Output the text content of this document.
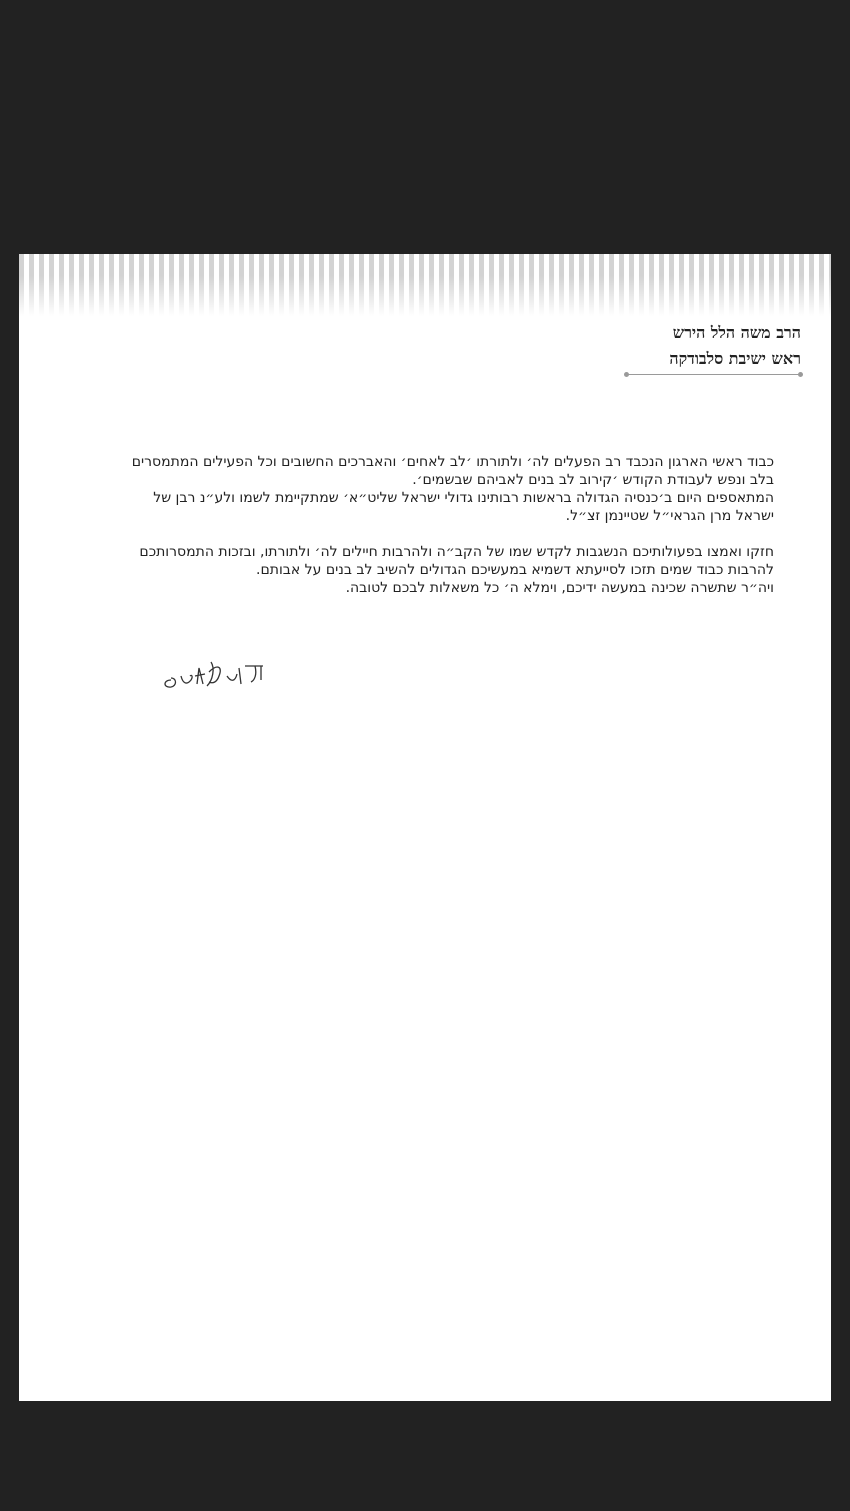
הרב משה הלל הירש
ראש ישיבת סלבודקה

כבוד ראשי הארגון הנכבד רב הפעלים לה׳ ולתורתו ׳לב לאחים׳ והאברכים החשובים וכל הפעילים המתמסרים

בלב ונפש לעבודת הקודש ׳קירוב לב בנים לאביהם שבשמים׳.

המתאספים היום ב׳כנסיה הגדולה בראשות רבותינו גדולי ישראל שליט״א׳ שמתקיימת לשמו ולע״נ רבן של

ישראל מרן הגראי״ל שטיינמן זצ״ל.

חזקו ואמצו בפעולותיכם הנשגבות לקדש שמו של הקב״ה ולהרבות חיילים לה׳ ולתורתו, ובזכות התמסרותכם

להרבות כבוד שמים תזכו לסייעתא דשמיא במעשיכם הגדולים להשיב לב בנים על אבותם.

ויה״ר שתשרה שכינה במעשה ידיכם, וימלא ה׳ כל משאלות לבכם לטובה.
